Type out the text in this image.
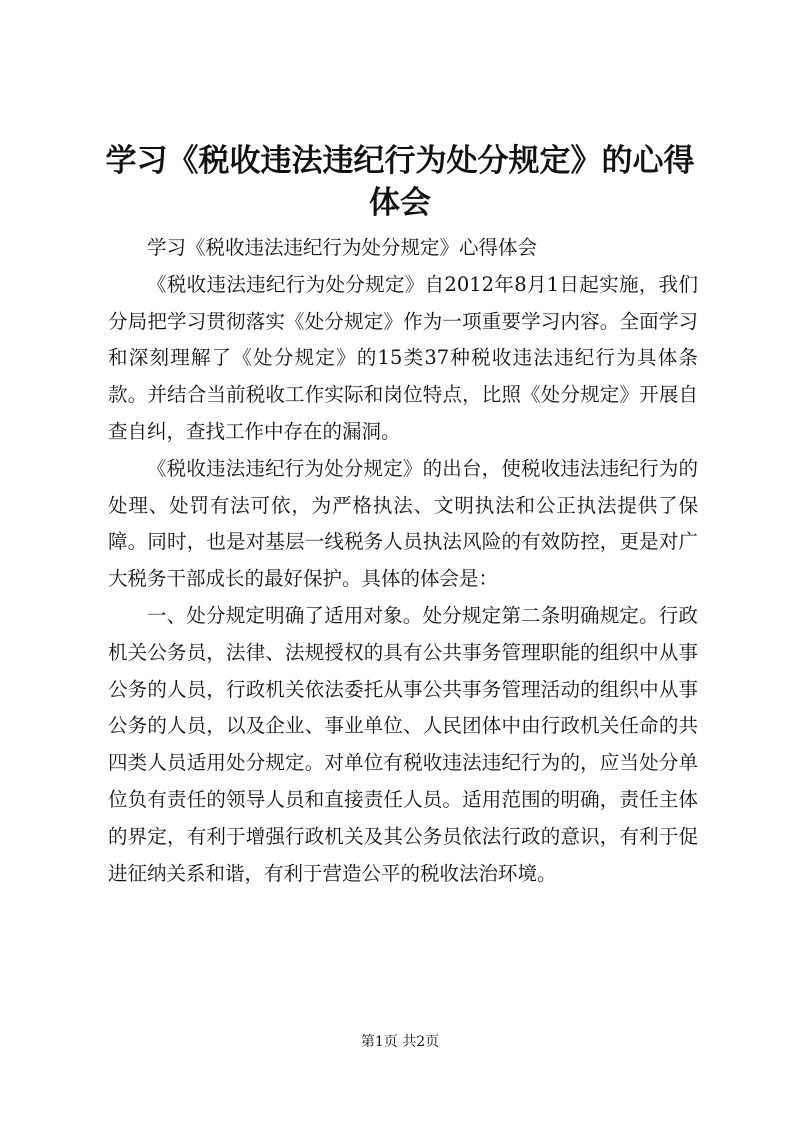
学习《税收违法违纪行为处分规定》的心得体会

学习《税收违法违纪行为处分规定》心得体会

《税收违法违纪行为处分规定》自2012年8月1日起实施，我们分局把学习贯彻落实《处分规定》作为一项重要学习内容。全面学习和深刻理解了《处分规定》的15类37种税收违法违纪行为具体条款。并结合当前税收工作实际和岗位特点，比照《处分规定》开展自查自纠，查找工作中存在的漏洞。

《税收违法违纪行为处分规定》的出台，使税收违法违纪行为的处理、处罚有法可依，为严格执法、文明执法和公正执法提供了保障。同时，也是对基层一线税务人员执法风险的有效防控，更是对广大税务干部成长的最好保护。具体的体会是：

一、处分规定明确了适用对象。处分规定第二条明确规定。行政机关公务员，法律、法规授权的具有公共事务管理职能的组织中从事公务的人员，行政机关依法委托从事公共事务管理活动的组织中从事公务的人员，以及企业、事业单位、人民团体中由行政机关任命的共四类人员适用处分规定。对单位有税收违法违纪行为的，应当处分单位负有责任的领导人员和直接责任人员。适用范围的明确，责任主体的界定，有利于增强行政机关及其公务员依法行政的意识，有利于促进征纳关系和谐，有利于营造公平的税收法治环境。

第1页 共2页
